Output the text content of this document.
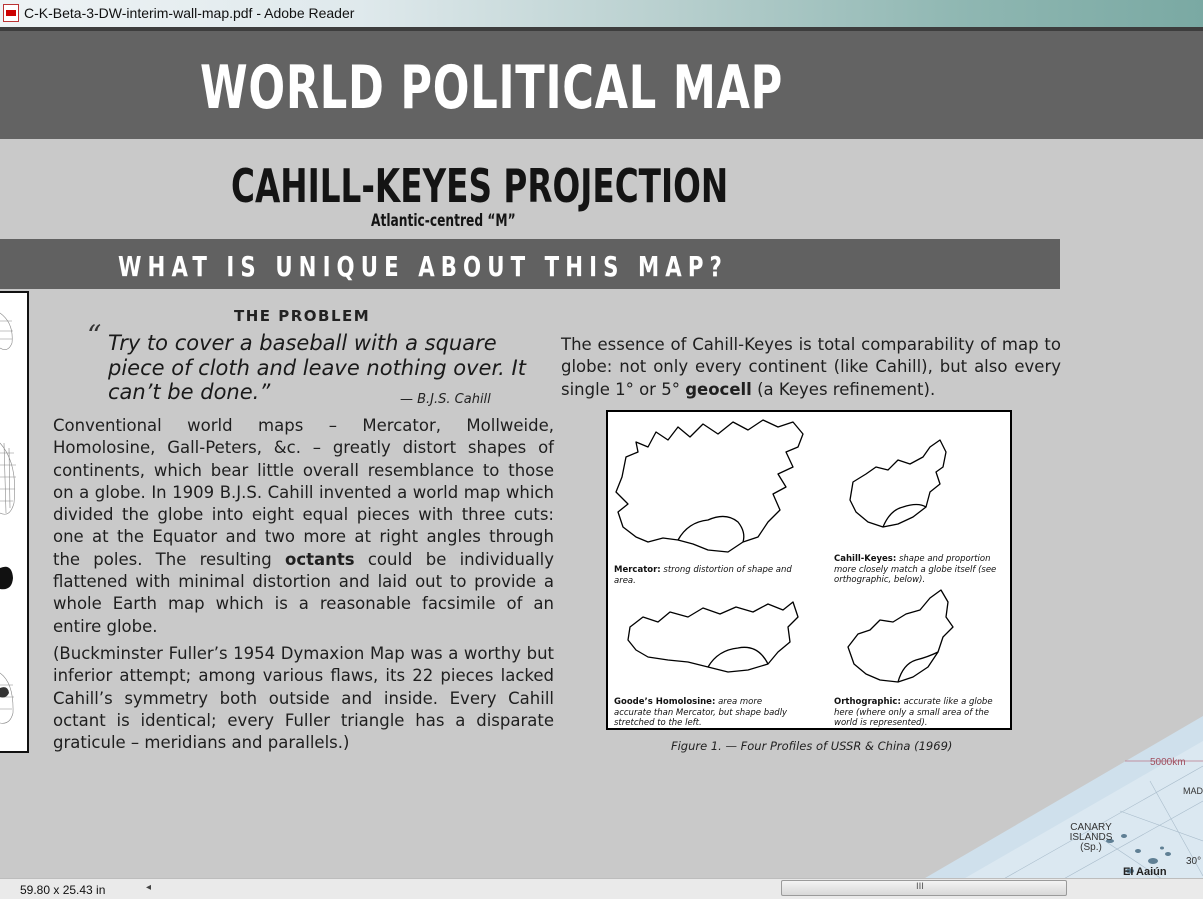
C-K-Beta-3-DW-interim-wall-map.pdf - Adobe Reader
WORLD POLITICAL MAP
CAHILL-KEYES PROJECTION
Atlantic-centred “M”
WHAT IS UNIQUE ABOUT THIS MAP?
THE PROBLEM
“ Try to cover a baseball with a square piece of cloth and leave nothing over. It can’t be done.”	— B.J.S. Cahill
Conventional world maps – Mercator, Mollweide, Homolosine, Gall-Peters, &c. – greatly distort shapes of continents, which bear little overall resemblance to those on a globe. In 1909 B.J.S. Cahill invented a world map which divided the globe into eight equal pieces with three cuts: one at the Equator and two more at right angles through the poles. The resulting octants could be individually flattened with minimal distortion and laid out to provide a whole Earth map which is a reasonable facsimile of an entire globe.
(Buckminster Fuller’s 1954 Dymaxion Map was a worthy but inferior attempt; among various flaws, its 22 pieces lacked Cahill’s symmetry both outside and inside. Every Cahill octant is identical; every Fuller triangle has a disparate graticule – meridians and parallels.)
The essence of Cahill-Keyes is total comparability of map to globe: not only every continent (like Cahill), but also every single 1° or 5° geocell (a Keyes refinement).
Mercator: strong distortion of shape and area.
Cahill-Keyes: shape and proportion more closely match a globe itself (see orthographic, below).
Goode’s Homolosine: area more accurate than Mercator, but shape badly stretched to the left.
Orthographic: accurate like a globe here (where only a small area of the world is represented).
Figure 1. — Four Profiles of USSR & China (1969)
5000km
MAD
CANARY ISLANDS (Sp.)
30°
El Aaiún
59.80 x 25.43 in	◂	III
